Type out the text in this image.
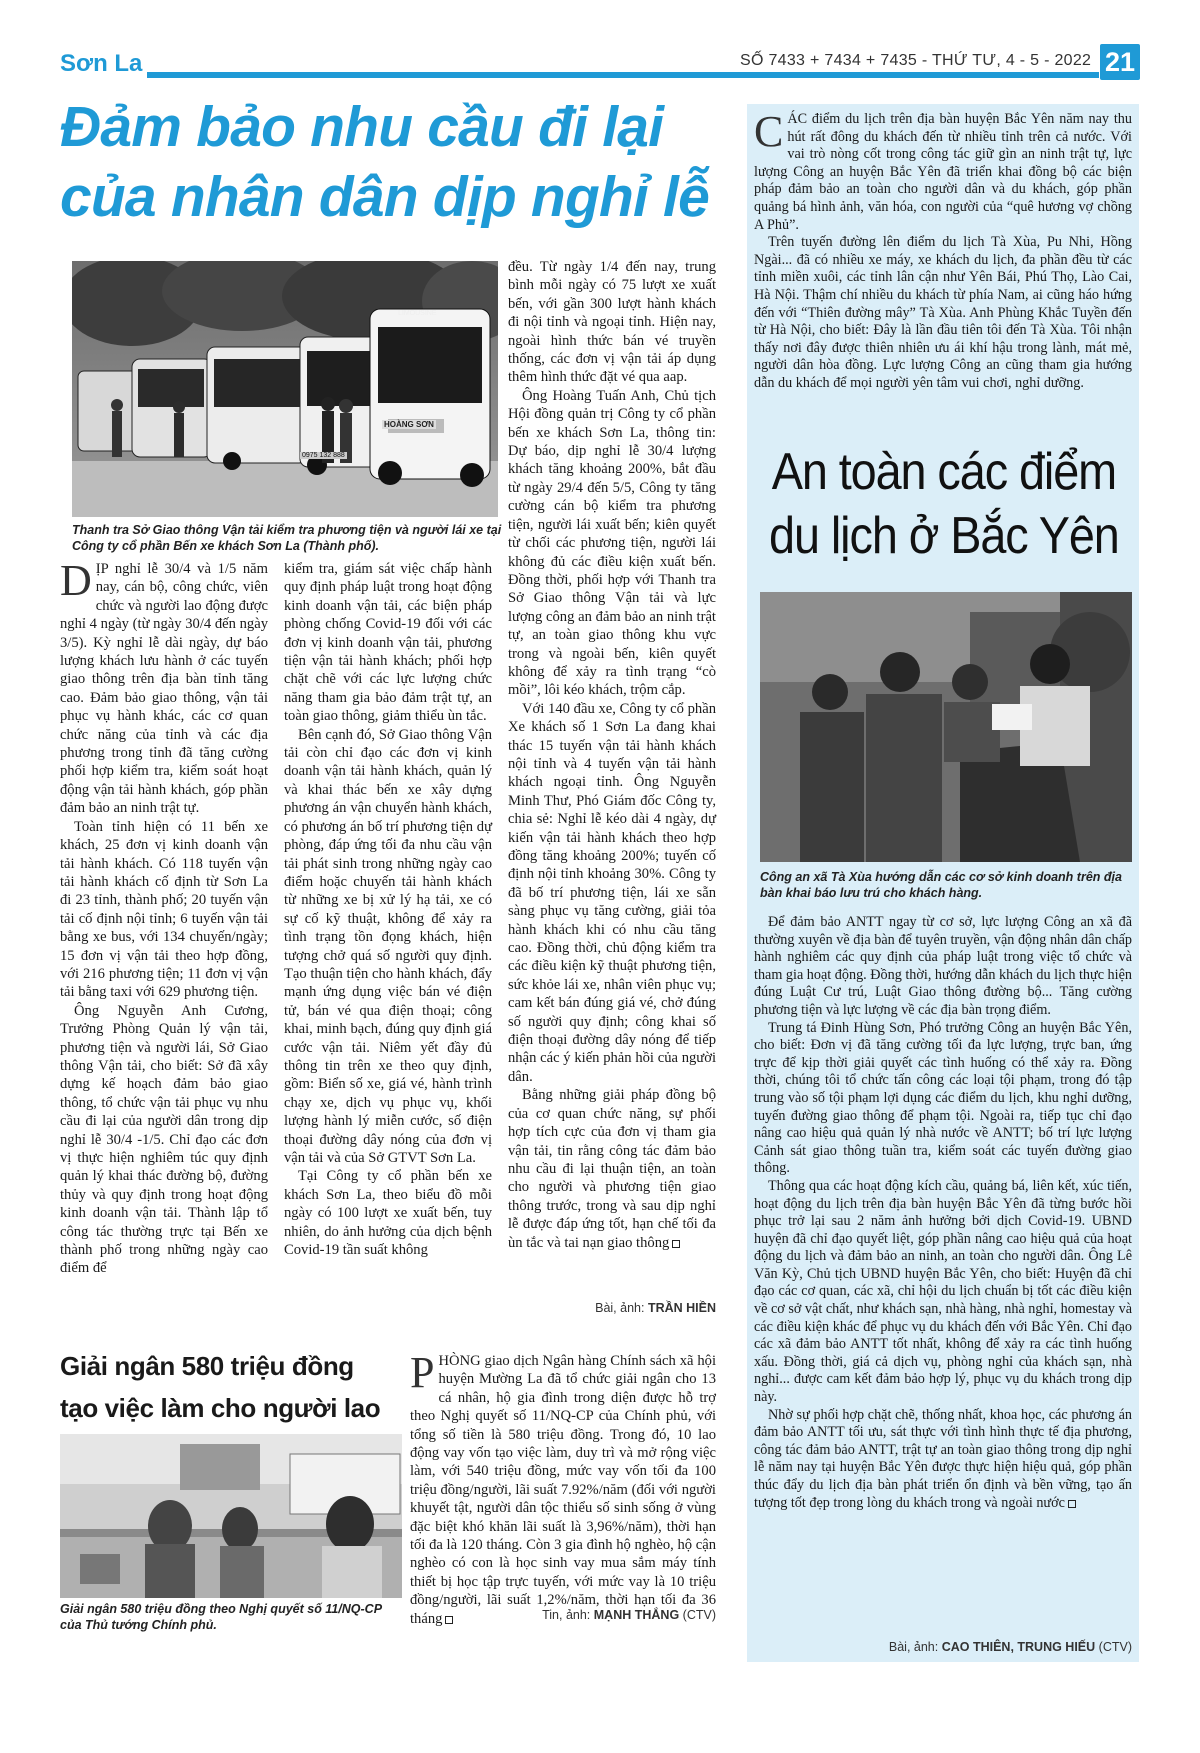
Sơn La	SỐ 7433 + 7434 + 7435 - THỨ TƯ, 4 - 5 - 2022 21
Đảm bảo nhu cầu đi lại
của nhân dân dịp nghỉ lễ
Thanh tra Sở Giao thông Vận tải kiểm tra phương tiện và người lái xe tại Công ty cổ phần Bến xe khách Sơn La (Thành phố).

DỊP nghỉ lễ 30/4 và 1/5 năm nay, cán bộ, công chức, viên chức và người lao động được nghỉ 4 ngày (từ ngày 30/4 đến ngày 3/5). Kỳ nghỉ lễ dài ngày, dự báo lượng khách lưu hành ở các tuyến giao thông trên địa bàn tỉnh tăng cao. Đảm bảo giao thông, vận tải phục vụ hành khác, các cơ quan chức năng của tỉnh và các địa phương trong tỉnh đã tăng cường phối hợp kiểm tra, kiểm soát hoạt động vận tải hành khách, góp phần đảm bảo an ninh trật tự.

Toàn tỉnh hiện có 11 bến xe khách, 25 đơn vị kinh doanh vận tải hành khách. Có 118 tuyến vận tải hành khách cố định từ Sơn La đi 23 tỉnh, thành phố; 20 tuyến vận tải cố định nội tỉnh; 6 tuyến vận tải bằng xe bus, với 134 chuyến/ngày; 15 đơn vị vận tải theo hợp đồng, với 216 phương tiện; 11 đơn vị vận tải bằng taxi với 629 phương tiện.

Ông Nguyễn Anh Cương, Trưởng Phòng Quản lý vận tải, phương tiện và người lái, Sở Giao thông Vận tải, cho biết: Sở đã xây dựng kế hoạch đảm bảo giao thông, tổ chức vận tải phục vụ nhu cầu đi lại của người dân trong dịp nghỉ lễ 30/4 -1/5. Chỉ đạo các đơn vị thực hiện nghiêm túc quy định quản lý khai thác đường bộ, đường thủy và quy định trong hoạt động kinh doanh vận tải. Thành lập tổ công tác thường trực tại Bến xe thành phố trong những ngày cao điểm để

kiểm tra, giám sát việc chấp hành quy định pháp luật trong hoạt động kinh doanh vận tải, các biện pháp phòng chống Covid-19 đối với các đơn vị kinh doanh vận tải, phương tiện vận tải hành khách; phối hợp chặt chẽ với các lực lượng chức năng tham gia bảo đảm trật tự, an toàn giao thông, giảm thiểu ùn tắc.

Bên cạnh đó, Sở Giao thông Vận tải còn chỉ đạo các đơn vị kinh doanh vận tải hành khách, quản lý và khai thác bến xe xây dựng phương án vận chuyển hành khách, có phương án bố trí phương tiện dự phòng, đáp ứng tối đa nhu cầu vận tải phát sinh trong những ngày cao điểm hoặc chuyến tải hành khách từ những xe bị xử lý hạ tải, xe có sự cố kỹ thuật, không để xảy ra tình trạng tồn đọng khách, hiện tượng chở quá số người quy định. Tạo thuận tiện cho hành khách, đẩy mạnh ứng dụng việc bán vé điện tử, bán vé qua điện thoại; công khai, minh bạch, đúng quy định giá cước vận tải. Niêm yết đầy đủ thông tin trên xe theo quy định, gồm: Biển số xe, giá vé, hành trình chạy xe, dịch vụ phục vụ, khối lượng hành lý miễn cước, số điện thoại đường dây nóng của đơn vị vận tải và của Sở GTVT Sơn La.

Tại Công ty cổ phần bến xe khách Sơn La, theo biểu đồ mỗi ngày có 100 lượt xe xuất bến, tuy nhiên, do ảnh hưởng của dịch bệnh Covid-19 tần suất không

đều. Từ ngày 1/4 đến nay, trung bình mỗi ngày có 75 lượt xe xuất bến, với gần 300 lượt hành khách đi nội tỉnh và ngoại tỉnh. Hiện nay, ngoài hình thức bán vé truyền thống, các đơn vị vận tải áp dụng thêm hình thức đặt vé qua aap.

Ông Hoàng Tuấn Anh, Chủ tịch Hội đồng quản trị Công ty cổ phần bến xe khách Sơn La, thông tin: Dự báo, dịp nghỉ lễ 30/4 lượng khách tăng khoảng 200%, bắt đầu từ ngày 29/4 đến 5/5, Công ty tăng cường cán bộ kiểm tra phương tiện, người lái xuất bến; kiên quyết từ chối các phương tiện, người lái không đủ các điều kiện xuất bến. Đồng thời, phối hợp với Thanh tra Sở Giao thông Vận tải và lực lượng công an đảm bảo an ninh trật tự, an toàn giao thông khu vực trong và ngoài bến, kiên quyết không để xảy ra tình trạng “cò mồi”, lôi kéo khách, trộm cắp.

Với 140 đầu xe, Công ty cổ phần Xe khách số 1 Sơn La đang khai thác 15 tuyến vận tải hành khách nội tỉnh và 4 tuyến vận tải hành khách ngoại tỉnh. Ông Nguyễn Minh Thư, Phó Giám đốc Công ty, chia sẻ: Nghỉ lễ kéo dài 4 ngày, dự kiến vận tải hành khách theo hợp đồng tăng khoảng 200%; tuyến cố định nội tỉnh khoảng 30%. Công ty đã bố trí phương tiện, lái xe sẵn sàng phục vụ tăng cường, giải tỏa hành khách khi có nhu cầu tăng cao. Đồng thời, chủ động kiểm tra các điều kiện kỹ thuật phương tiện, sức khỏe lái xe, nhân viên phục vụ; cam kết bán đúng giá vé, chở đúng số người quy định; công khai số điện thoại đường dây nóng để tiếp nhận các ý kiến phản hồi của người dân.

Bằng những giải pháp đồng bộ của cơ quan chức năng, sự phối hợp tích cực của đơn vị tham gia vận tải, tin rằng công tác đảm bảo nhu cầu đi lại thuận tiện, an toàn cho người và phương tiện giao thông trước, trong và sau dịp nghỉ lễ được đáp ứng tốt, hạn chế tối đa ùn tắc và tai nạn giao thông

Bài, ảnh: TRẦN HIỀN
Giải ngân 580 triệu đồng
tạo việc làm cho người lao
Giải ngân 580 triệu đồng theo Nghị quyết số 11/NQ-CP của Thủ tướng Chính phủ.

PHÒNG giao dịch Ngân hàng Chính sách xã hội huyện Mường La đã tổ chức giải ngân cho 13 cá nhân, hộ gia đình trong diện được hỗ trợ theo Nghị quyết số 11/NQ-CP của Chính phủ, với tổng số tiền là 580 triệu đồng. Trong đó, 10 lao động vay vốn tạo việc làm, duy trì và mở rộng việc làm, với 540 triệu đồng, mức vay vốn tối đa 100 triệu đồng/người, lãi suất 7.92%/năm (đối với người khuyết tật, người dân tộc thiểu số sinh sống ở vùng đặc biệt khó khăn lãi suất là 3,96%/năm), thời hạn tối đa là 120 tháng. Còn 3 gia đình hộ nghèo, hộ cận nghèo có con là học sinh vay mua sắm máy tính thiết bị học tập trực tuyến, với mức vay là 10 triệu đồng/người, lãi suất 1,2%/năm, thời hạn tối đa 36 tháng	Tin, ảnh: MẠNH THẮNG (CTV)

CÁC điểm du lịch trên địa bàn huyện Bắc Yên năm nay thu hút rất đông du khách đến từ nhiều tỉnh trên cả nước. Với vai trò nòng cốt trong công tác giữ gìn an ninh trật tự, lực lượng Công an huyện Bắc Yên đã triển khai đồng bộ các biện pháp đảm bảo an toàn cho người dân và du khách, góp phần quảng bá hình ảnh, văn hóa, con người của “quê hương vợ chồng A Phủ”.

Trên tuyến đường lên điểm du lịch Tà Xùa, Pu Nhi, Hồng Ngài... đã có nhiều xe máy, xe khách du lịch, đa phần đều từ các tỉnh miền xuôi, các tỉnh lân cận như Yên Bái, Phú Thọ, Lào Cai, Hà Nội. Thậm chí nhiều du khách từ phía Nam, ai cũng háo hứng đến với “Thiên đường mây” Tà Xùa. Anh Phùng Khắc Tuyền đến từ Hà Nội, cho biết: Đây là lần đầu tiên tôi đến Tà Xùa. Tôi nhận thấy nơi đây được thiên nhiên ưu ái khí hậu trong lành, mát mẻ, người dân hòa đồng. Lực lượng Công an cũng tham gia hướng dẫn du khách để mọi người yên tâm vui chơi, nghỉ dưỡng.

An toàn các điểm
du lịch ở Bắc Yên
Công an xã Tà Xùa hướng dẫn các cơ sở kinh doanh trên địa bàn khai báo lưu trú cho khách hàng.

Để đảm bảo ANTT ngay từ cơ sở, lực lượng Công an xã đã thường xuyên về địa bàn để tuyên truyền, vận động nhân dân chấp hành nghiêm các quy định của pháp luật trong việc tổ chức và tham gia hoạt động. Đồng thời, hướng dẫn khách du lịch thực hiện đúng Luật Cư trú, Luật Giao thông đường bộ... Tăng cường phương tiện và lực lượng về các địa bàn trọng điểm.

Trung tá Đinh Hùng Sơn, Phó trưởng Công an huyện Bắc Yên, cho biết: Đơn vị đã tăng cường tối đa lực lượng, trực ban, ứng trực để kịp thời giải quyết các tình huống có thể xảy ra. Đồng thời, chúng tôi tổ chức tấn công các loại tội phạm, trong đó tập trung vào số tội phạm lợi dụng các điểm du lịch, khu nghỉ dưỡng, tuyến đường giao thông để phạm tội. Ngoài ra, tiếp tục chỉ đạo nâng cao hiệu quả quản lý nhà nước về ANTT; bố trí lực lượng Cảnh sát giao thông tuần tra, kiểm soát các tuyến đường giao thông.

Thông qua các hoạt động kích cầu, quảng bá, liên kết, xúc tiến, hoạt động du lịch trên địa bàn huyện Bắc Yên đã từng bước hồi phục trở lại sau 2 năm ảnh hưởng bởi dịch Covid-19. UBND huyện đã chỉ đạo quyết liệt, góp phần nâng cao hiệu quả của hoạt động du lịch và đảm bảo an ninh, an toàn cho người dân. Ông Lê Văn Kỳ, Chủ tịch UBND huyện Bắc Yên, cho biết: Huyện đã chỉ đạo các cơ quan, các xã, chỉ hội du lịch chuẩn bị tốt các điều kiện về cơ sở vật chất, như khách sạn, nhà hàng, nhà nghỉ, homestay và các điều kiện khác để phục vụ du khách đến với Bắc Yên. Chỉ đạo các xã đảm bảo ANTT tốt nhất, không để xảy ra các tình huống xấu. Đồng thời, giá cả dịch vụ, phòng nghỉ của khách sạn, nhà nghỉ... được cam kết đảm bảo hợp lý, phục vụ du khách trong dịp này.

Nhờ sự phối hợp chặt chẽ, thống nhất, khoa học, các phương án đảm bảo ANTT tối ưu, sát thực với tình hình thực tế địa phương, công tác đảm bảo ANTT, trật tự an toàn giao thông trong dịp nghỉ lễ năm nay tại huyện Bắc Yên được thực hiện hiệu quả, góp phần thúc đẩy du lịch địa bàn phát triển ổn định và bền vững, tạo ấn tượng tốt đẹp trong lòng du khách trong và ngoài nước

Bài, ảnh: CAO THIÊN, TRUNG HIẾU (CTV)
HOÀNG SƠN
LIMOUSINE
0975 132 888
